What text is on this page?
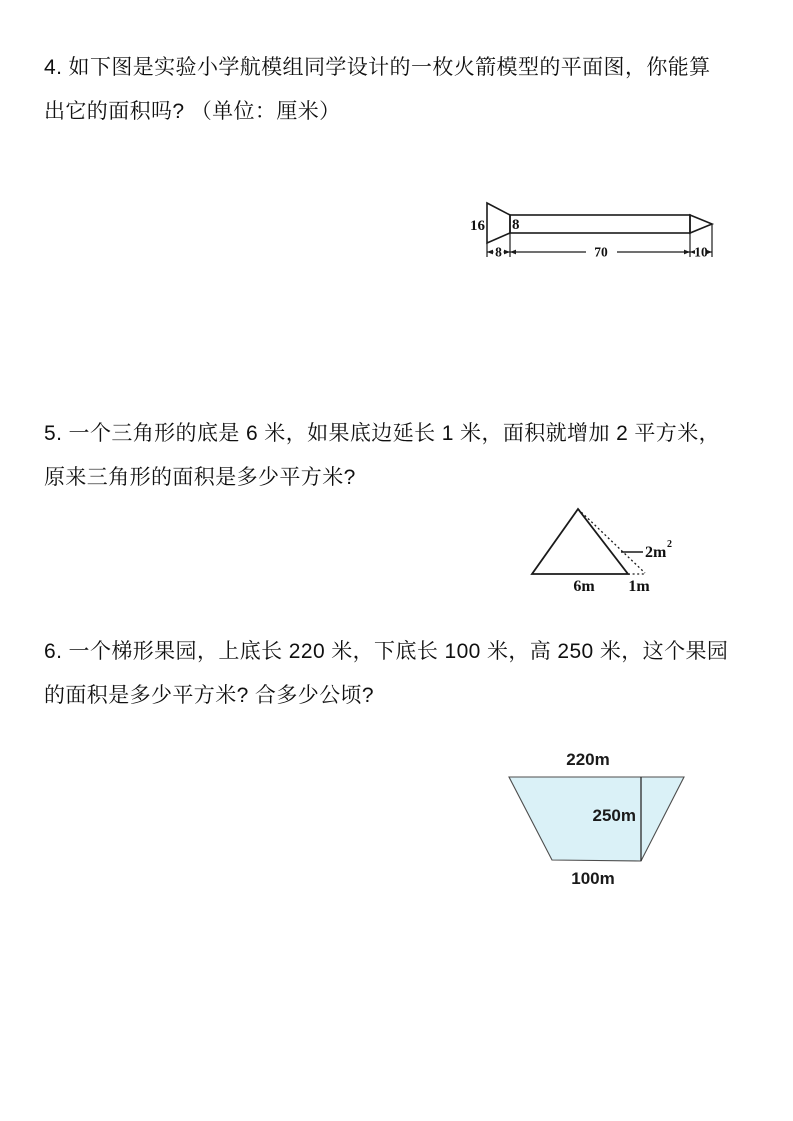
4. 如下图是实验小学航模组同学设计的一枚火箭模型的平面图，你能算
出它的面积吗? （单位：厘米）
8	70	10
16 8
5. 一个三角形的底是 6 米，如果底边延长 1 米，面积就增加 2 平方米，
原来三角形的面积是多少平方米?
2m 2
6m 1m
6. 一个梯形果园，上底长 220 米，下底长 100 米，高 250 米，这个果园
的面积是多少平方米? 合多少公顷?
220m
250m
100m
